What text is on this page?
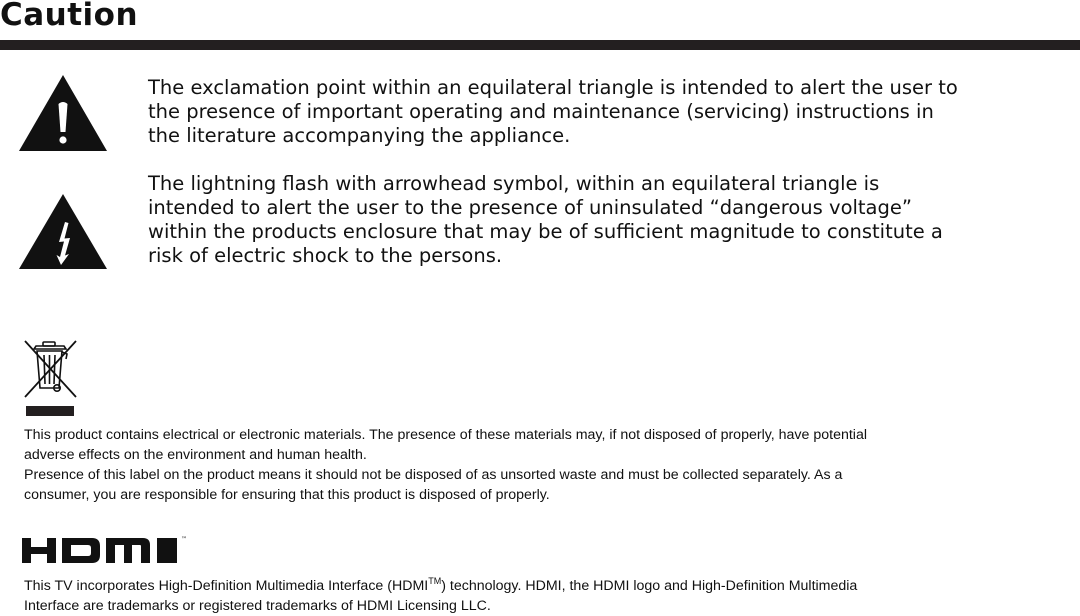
Caution
The exclamation point within an equilateral triangle is intended to alert the user to
the presence of important operating and maintenance (servicing) instructions in
the literature accompanying the appliance.
The lightning flash with arrowhead symbol, within an equilateral triangle is
intended to alert the user to the presence of uninsulated “dangerous voltage”
within the products enclosure that may be of sufficient magnitude to constitute a
risk of electric shock to the persons.
This product contains electrical or electronic materials. The presence of these materials may, if not disposed of properly, have potential
adverse effects on the environment and human health.
Presence of this label on the product means it should not be disposed of as unsorted waste and must be collected separately. As a
consumer, you are responsible for ensuring that this product is disposed of properly.
™
This TV incorporates High-Definition Multimedia Interface (HDMI™) technology. HDMI, the HDMI logo and High-Definition Multimedia
Interface are trademarks or registered trademarks of HDMI Licensing LLC.
